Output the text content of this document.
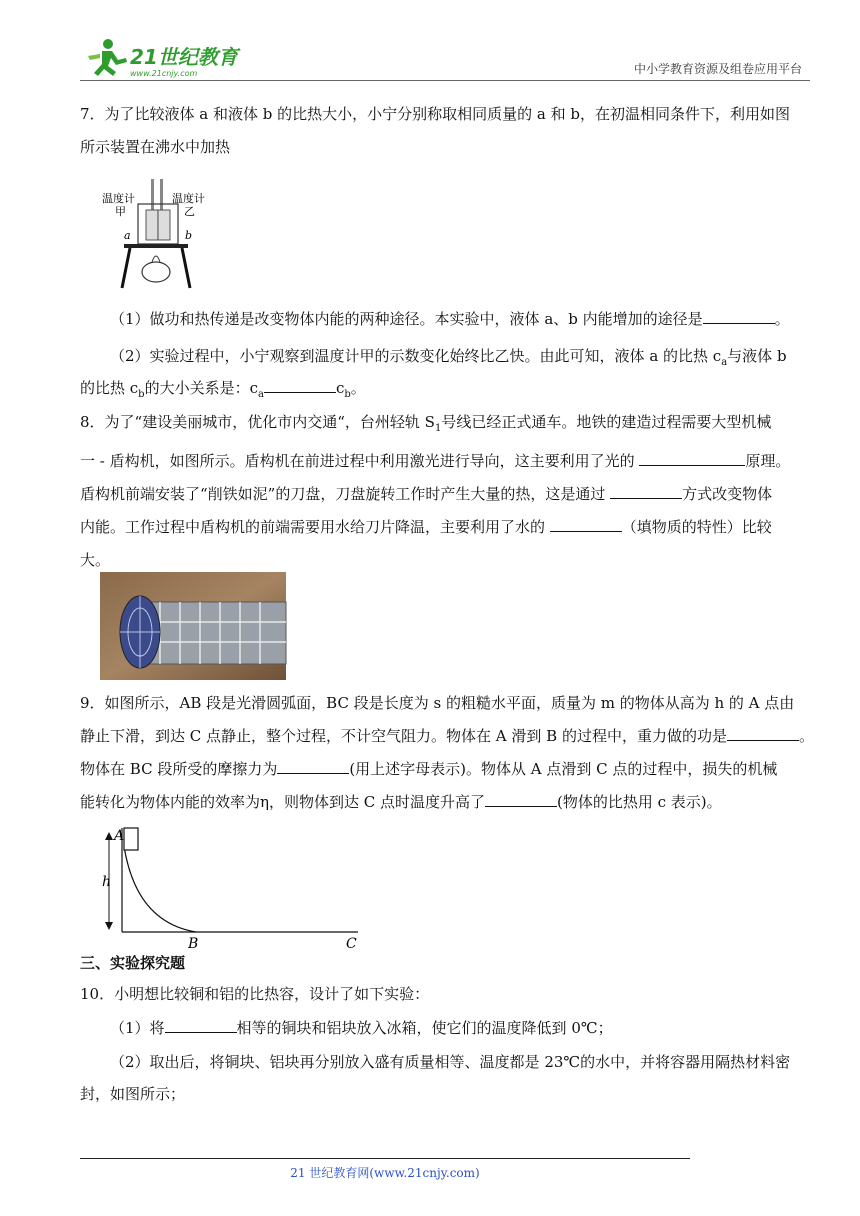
21世纪教育
www.21cnjy.com	中小学教育资源及组卷应用平台
7．为了比较液体 a 和液体 b 的比热大小，小宁分别称取相同质量的 a 和 b，在初温相同条件下，利用如图
所示装置在沸水中加热
温度计
甲
温度计
乙
a	b
（1）做功和热传递是改变物体内能的两种途径。本实验中，液体 a、b 内能增加的途径是	。
（2）实验过程中，小宁观察到温度计甲的示数变化始终比乙快。由此可知，液体 a 的比热 $c_a$与液体 b
的比热 $c_b$的大小关系是：$c_a$	$c_b$。
8．为了“建设美丽城市，优化市内交通“，台州轻轨 $S_1$号线已经正式通车。地铁的建造过程需要大型机械
一 - 盾构机，如图所示。盾构机在前进过程中利用激光进行导向，这主要利用了光的	原理。
盾构机前端安装了“削铁如泥”的刀盘，刀盘旋转工作时产生大量的热，这是通过	方式改变物体
内能。工作过程中盾构机的前端需要用水给刀片降温，主要利用了水的	（填物质的特性）比较
大。
9．如图所示，AB 段是光滑圆弧面，BC 段是长度为 s 的粗糙水平面，质量为 m 的物体从高为 h 的 A 点由
静止下滑，到达 C 点静止，整个过程，不计空气阻力。物体在 A 滑到 B 的过程中，重力做的功是	。
物体在 BC 段所受的摩擦力为	(用上述字母表示)。物体从 A 点滑到 C 点的过程中，损失的机械
能转化为物体内能的效率为η，则物体到达 C 点时温度升高了	(物体的比热用 c 表示)。
A
h
B	C
三、实验探究题
10．小明想比较铜和铝的比热容，设计了如下实验：
（1）将	相等的铜块和铝块放入冰箱，使它们的温度降低到 0℃；
（2）取出后，将铜块、铝块再分别放入盛有质量相等、温度都是 23℃的水中，并将容器用隔热材料密
封，如图所示；
21 世纪教育网(www.21cnjy.com)
